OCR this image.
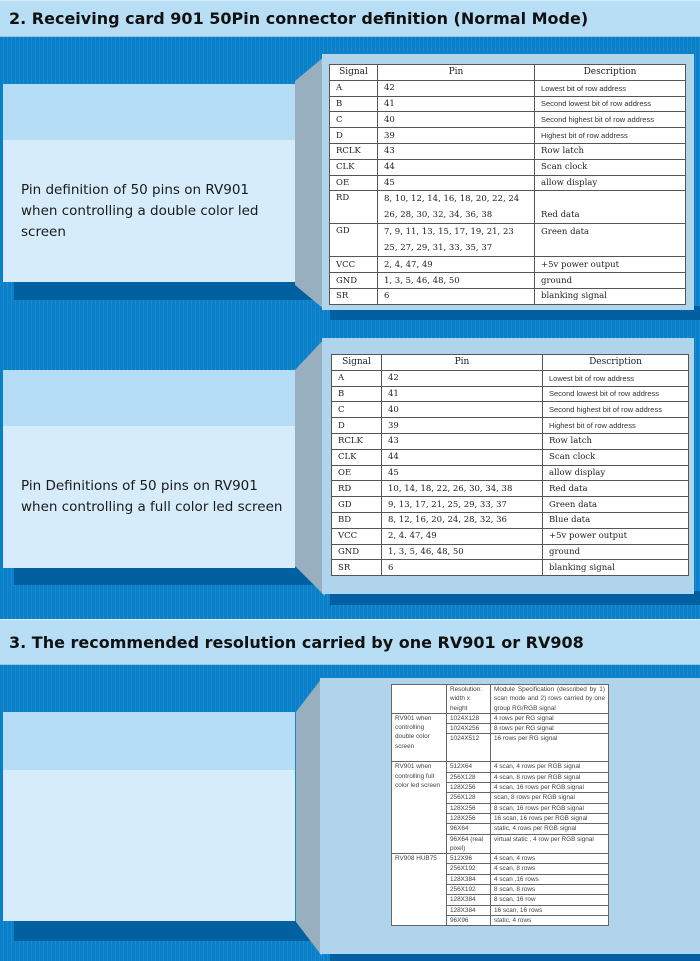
2. Receiving card 901 50Pin connector definition (Normal Mode)
Pin definition of 50 pins on RV901 when controlling a double color led screen
Signal	Pin	Description
A	42	Lowest bit of row address
B	41	Second lowest bit of row address
C	40	Second highest bit of row address
D	39	Highest bit of row address
RCLK	43	Row latch
CLK	44	Scan clock
OE	45	allow display
RD	8, 10, 12, 14, 16, 18, 20, 22, 24
26, 28, 30, 32, 34, 36, 38	Red data

GD	7, 9, 11, 13, 15, 17, 19, 21, 23
25, 27, 29, 31, 33, 35, 37	Green data

VCC	2, 4, 47, 49	+5v power output
GND	1, 3, 5, 46, 48, 50	ground
SR	6	blanking signal
Pin Definitions of 50 pins on RV901 when controlling a full color led screen
Signal	Pin	Description
A	42	Lowest bit of row address
B	41	Second lowest bit of row address
C	40	Second highest bit of row address
D	39	Highest bit of row address
RCLK	43	Row latch
CLK	44	Scan clock
OE	45	allow display
RD	10, 14, 18, 22, 26, 30, 34, 38	Red data
GD	9, 13, 17, 21, 25, 29, 33, 37	Green data
BD	8, 12, 16, 20, 24, 28, 32, 36	Blue data
VCC	2, 4. 47, 49	+5v power output
GND	1, 3, 5, 46, 48, 50	ground
SR	6	blanking signal
3. The recommended resolution carried by one RV901 or RV908
	Resolution: width x height	Module Specification (described by 1) scan mode and 2) rows carried by one group RG/RGB signal
RV901 when controlling double color screen	1024X128	4 rows per RG signal
	1024X256	8 rows per RG signal
	1024X512	16 rows per RG signal
RV901 when controlling full color led screen	512X64	4 scan, 4 rows per RGB signal
	256X128	4 scan, 8 rows per RGB signal
	128X256	4 scan, 16 rows per RGB signal
	256X128	scan, 8 rows per RGB signal
	128X256	8 scan, 16 rows per RGB signal
	128X256	16 scan, 16 rows per RGB signal
	96X64	static, 4 rows per RGB signal
	96X64 (real pixel)	virtual static , 4 row per RGB signal
RV908 HUB75	512X96	4 scan, 4 rows
	256X192	4 scan, 8 rows
	128X384	4 scan ,16 rows
	256X192	8 scan, 8 rows
	128X384	8 scan, 16 row
	128X384	16 scan, 16 rows
	96X96	static, 4 rows
